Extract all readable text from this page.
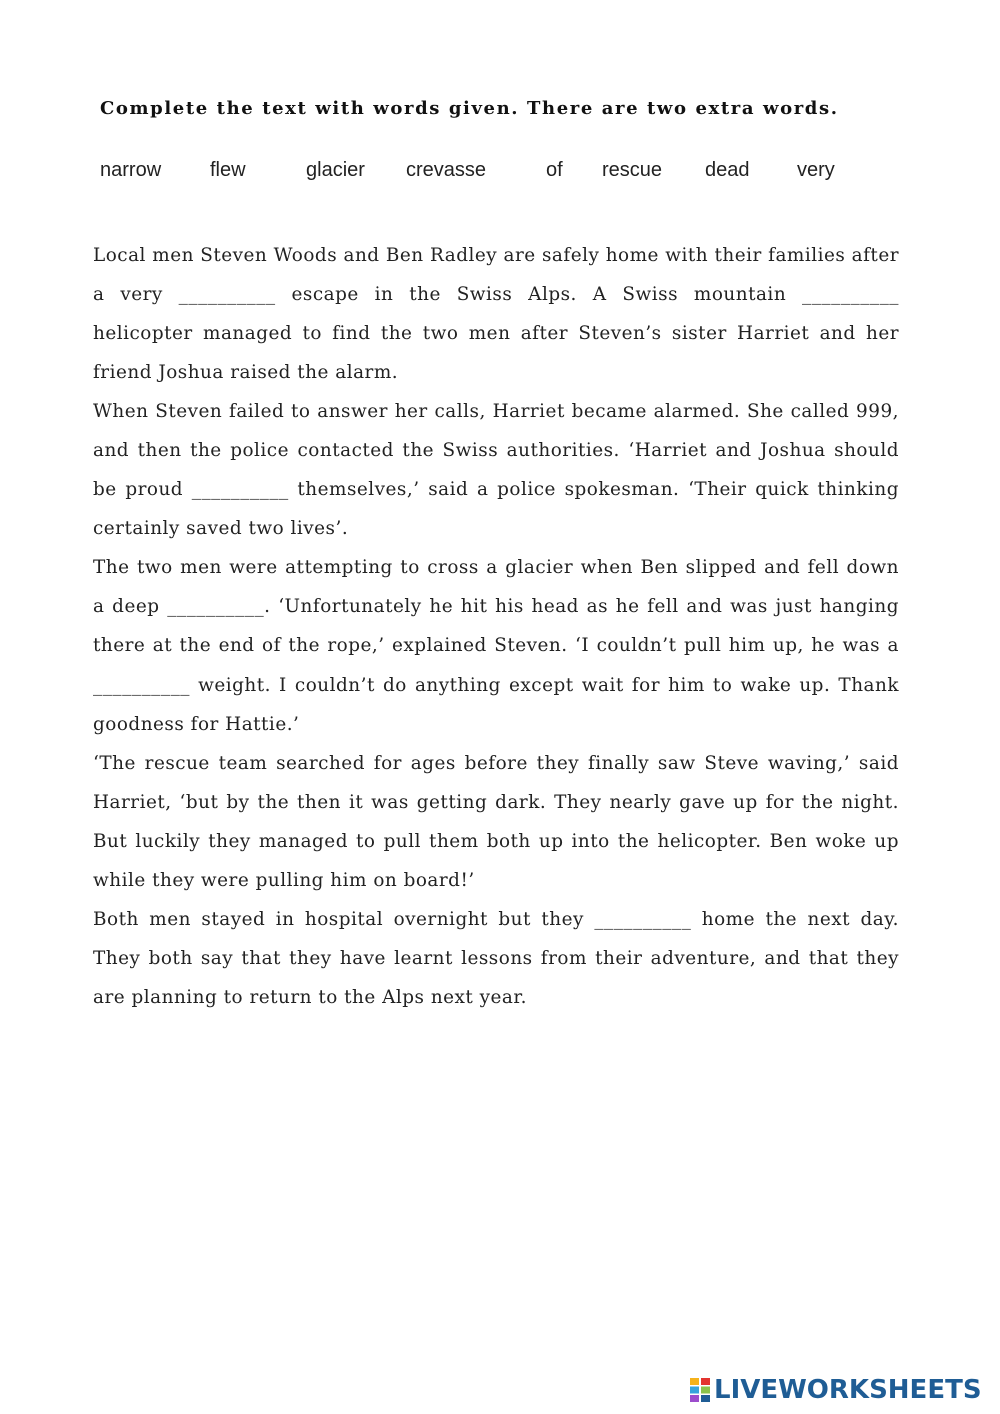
Complete the text with words given. There are two extra words.
narrow flew	glacier crevasse	of rescue dead very

Local men Steven Woods and Ben Radley are safely home with their families after a very __________ escape in the Swiss Alps. A Swiss mountain __________ helicopter managed to find the two men after Steven’s sister Harriet and her friend Joshua raised the alarm.

When Steven failed to answer her calls, Harriet became alarmed. She called 999, and then the police contacted the Swiss authorities. ‘Harriet and Joshua should be proud __________ themselves,’ said a police spokesman. ‘Their quick thinking certainly saved two lives’.

The two men were attempting to cross a glacier when Ben slipped and fell down a deep __________. ‘Unfortunately he hit his head as he fell and was just hanging there at the end of the rope,’ explained Steven. ‘I couldn’t pull him up, he was a __________ weight. I couldn’t do anything except wait for him to wake up. Thank goodness for Hattie.’

‘The rescue team searched for ages before they finally saw Steve waving,’ said Harriet, ‘but by the then it was getting dark. They nearly gave up for the night. But luckily they managed to pull them both up into the helicopter. Ben woke up while they were pulling him on board!’

Both men stayed in hospital overnight but they __________ home the next day. They both say that they have learnt lessons from their adventure, and that they are planning to return to the Alps next year.

LIVEWORKSHEETS
